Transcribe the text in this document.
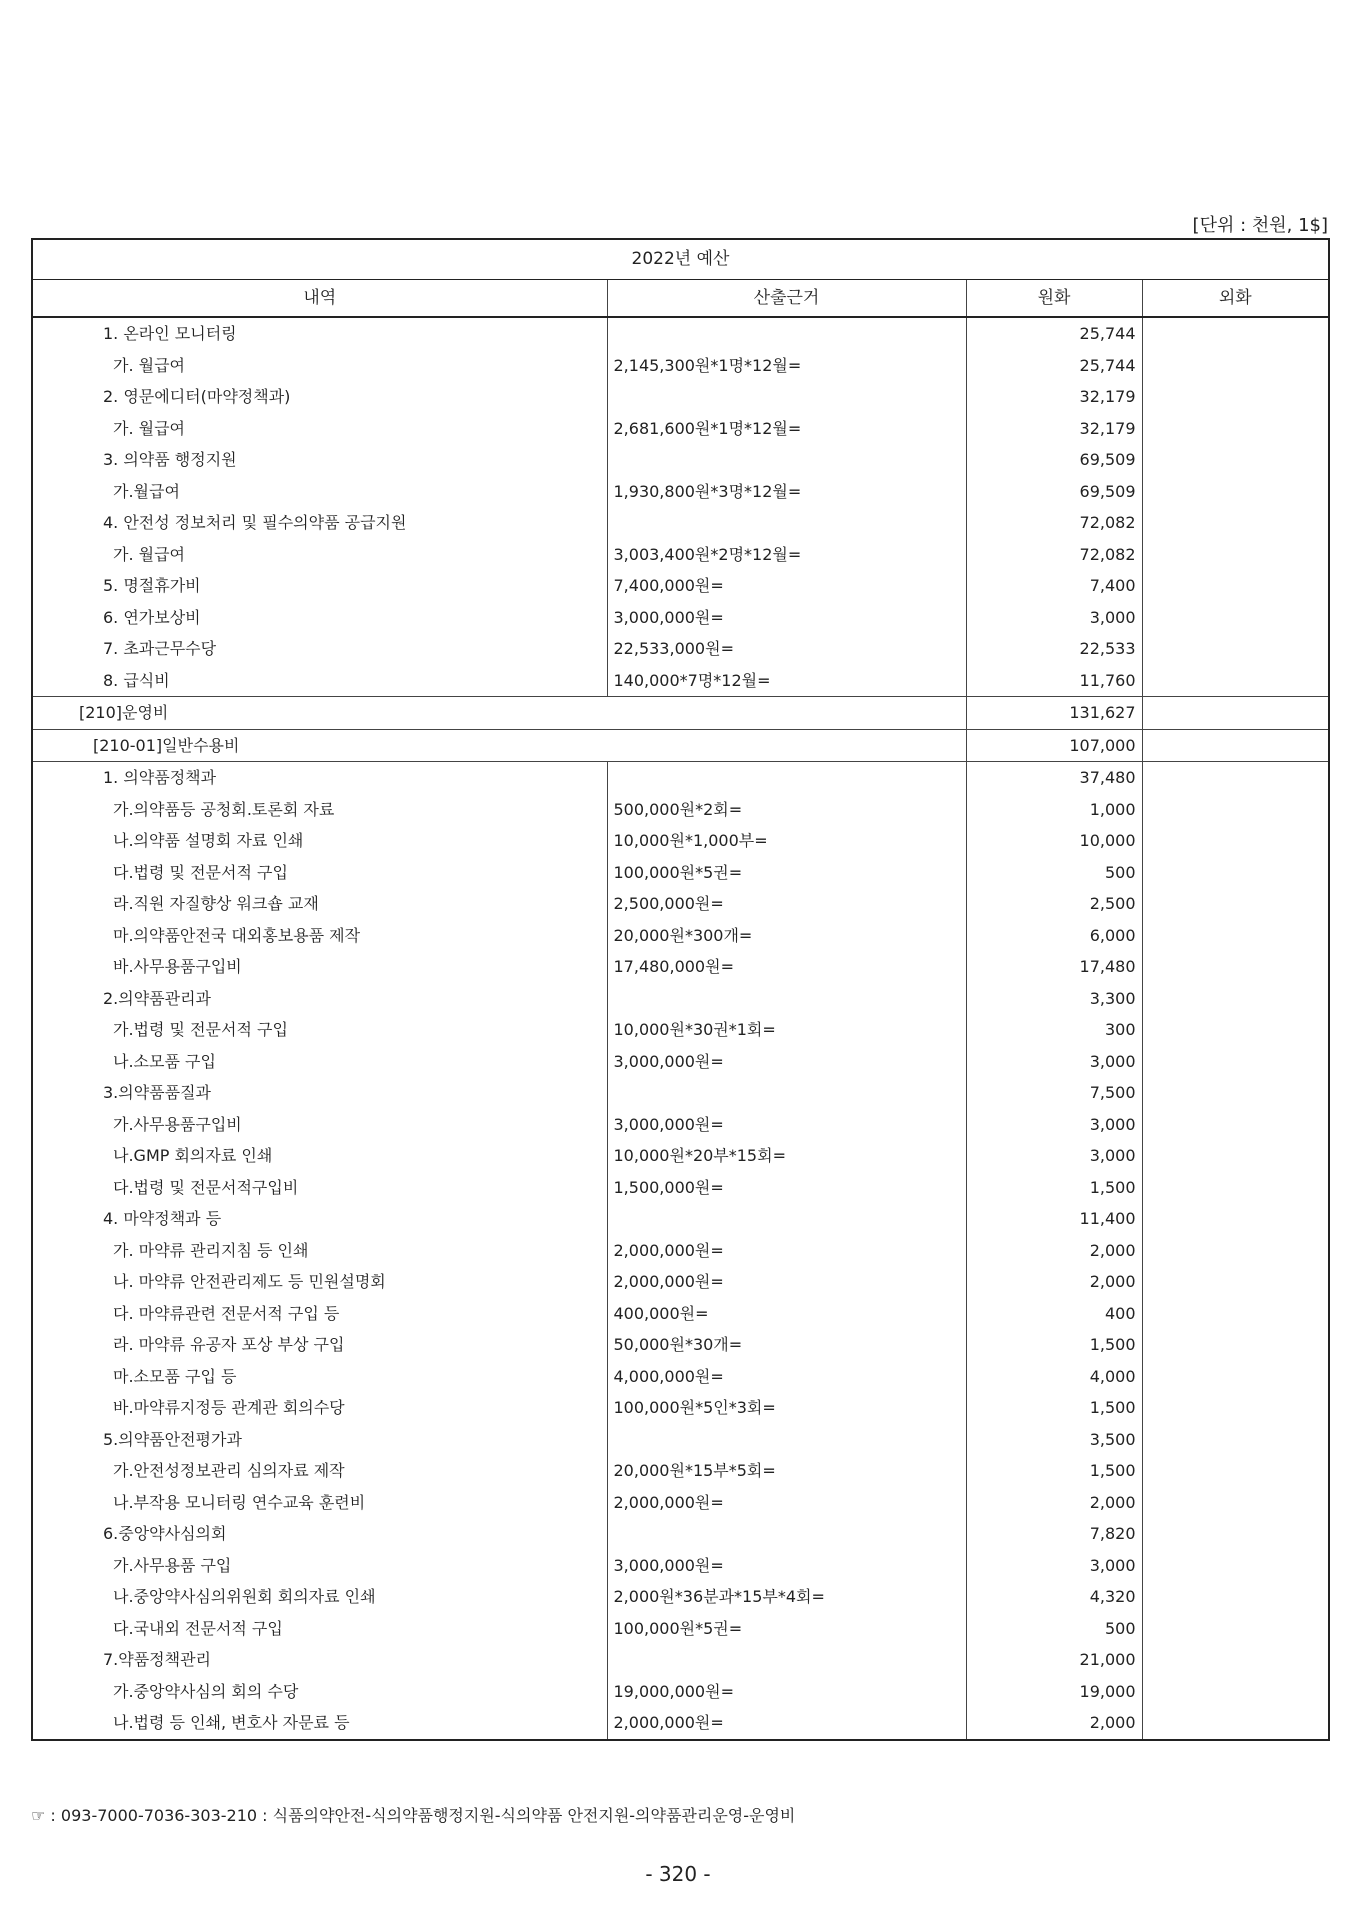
[단위 : 천원, 1$]
2022년 예산			
내역	산출근거	원화	외화
1. 온라인 모니터링		25,744	
가. 월급여	2,145,300원*1명*12월=	25,744	
2. 영문에디터(마약정책과)		32,179	
가. 월급여	2,681,600원*1명*12월=	32,179	
3. 의약품 행정지원		69,509	
가.월급여	1,930,800원*3명*12월=	69,509	
4. 안전성 정보처리 및 필수의약품 공급지원		72,082	
가. 월급여	3,003,400원*2명*12월=	72,082	
5. 명절휴가비	7,400,000원=	7,400	
6. 연가보상비	3,000,000원=	3,000	
7. 초과근무수당	22,533,000원=	22,533	
8. 급식비	140,000*7명*12월=	11,760	
[210]운영비		131,627	
[210-01]일반수용비		107,000	
1. 의약품정책과		37,480	
가.의약품등 공청회.토론회 자료	500,000원*2회=	1,000	
나.의약품 설명회 자료 인쇄	10,000원*1,000부=	10,000	
다.법령 및 전문서적 구입	100,000원*5권=	500	
라.직원 자질향상 워크숍 교재	2,500,000원=	2,500	
마.의약품안전국 대외홍보용품 제작	20,000원*300개=	6,000	
바.사무용품구입비	17,480,000원=	17,480	
2.의약품관리과		3,300	
가.법령 및 전문서적 구입	10,000원*30권*1회=	300	
나.소모품 구입	3,000,000원=	3,000	
3.의약품품질과		7,500	
가.사무용품구입비	3,000,000원=	3,000	
나.GMP 회의자료 인쇄	10,000원*20부*15회=	3,000	
다.법령 및 전문서적구입비	1,500,000원=	1,500	
4. 마약정책과 등		11,400	
가. 마약류 관리지침 등 인쇄	2,000,000원=	2,000	
나. 마약류 안전관리제도 등 민원설명회	2,000,000원=	2,000	
다. 마약류관련 전문서적 구입 등	400,000원=	400	
라. 마약류 유공자 포상 부상 구입	50,000원*30개=	1,500	
마.소모품 구입 등	4,000,000원=	4,000	
바.마약류지정등 관계관 회의수당	100,000원*5인*3회=	1,500	
5.의약품안전평가과		3,500	
가.안전성정보관리 심의자료 제작	20,000원*15부*5회=	1,500	
나.부작용 모니터링 연수교육 훈련비	2,000,000원=	2,000	
6.중앙약사심의회		7,820	
가.사무용품 구입	3,000,000원=	3,000	
나.중앙약사심의위원회 회의자료 인쇄	2,000원*36분과*15부*4회=	4,320	
다.국내외 전문서적 구입	100,000원*5권=	500	
7.약품정책관리		21,000	
가.중앙약사심의 회의 수당	19,000,000원=	19,000	
나.법령 등 인쇄, 변호사 자문료 등	2,000,000원=	2,000	
☞ : 093-7000-7036-303-210 : 식품의약안전-식의약품행정지원-식의약품 안전지원-의약품관리운영-운영비
- 320 -
